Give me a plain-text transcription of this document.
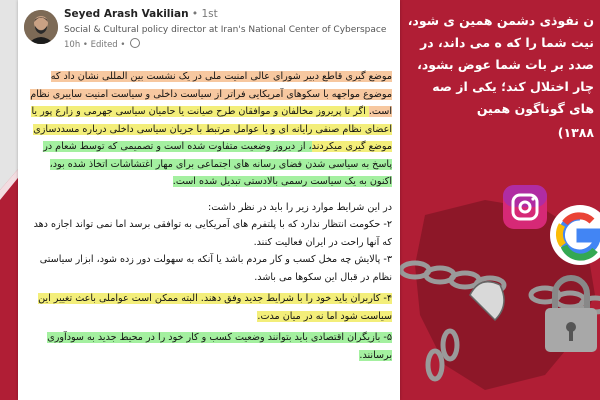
ن نفوذی دشمن همین ی شود، نیت شما را که ه می داند، در صدد بر بات شما عوض بشود، چار اختلال کند؛ یکی از صه های گوناگون همین
۱۳۸۸)
Seyed Arash Vakilian • 1st
Social & Cultural policy director at Iran's National Center of Cyberspace
10h • Edited •

موضع گیری قاطع دبیر شورای عالی امنیت ملی در یک نشست بین المللی نشان داد که موضوع مواجهه با سکوهای آمریکایی فراتر از سیاست داخلی و سیاست امنیت سایبری نظام است. اگر تا پریروز مخالفان و موافقان طرح صیانت یا حامیان سیاسی جهرمی و زارع پور یا اعضای نظام صنفی رایانه ای و یا عوامل مرتبط با جریان سیاسی داخلی درباره مسددسازی موضع گیری میکردند، از دیروز وضعیت متفاوت شده است و تصمیمی که توسط شعام در پاسخ به سیاسی شدن فضای رسانه های اجتماعی برای مهار اغتشاشات اتخاذ شده بود، اکنون به یک سیاست رسمی بالادستی تبدیل شده است.

در این شرایط موارد زیر را باید در نظر داشت:
۲- حکومت انتظار ندارد که با پلتفرم های آمریکایی به توافقی برسد اما نمی تواند اجازه دهد که آنها راحت در ایران فعالیت کنند.
۳- پالایش چه مخل کسب و کار مردم باشد یا آنکه به سهولت دور زده شود، ابزار سیاستی نظام در قبال این سکوها می باشد.
۴- کاربران باید خود را با شرایط جدید وفق دهند. البته ممکن است عواملی باعث تغییر این سیاست شود اما نه در میان مدت.
۵- بازیگران اقتصادی باید بتوانند وضعیت کسب و کار خود را در محیط جدید به سودآوری برسانند.
